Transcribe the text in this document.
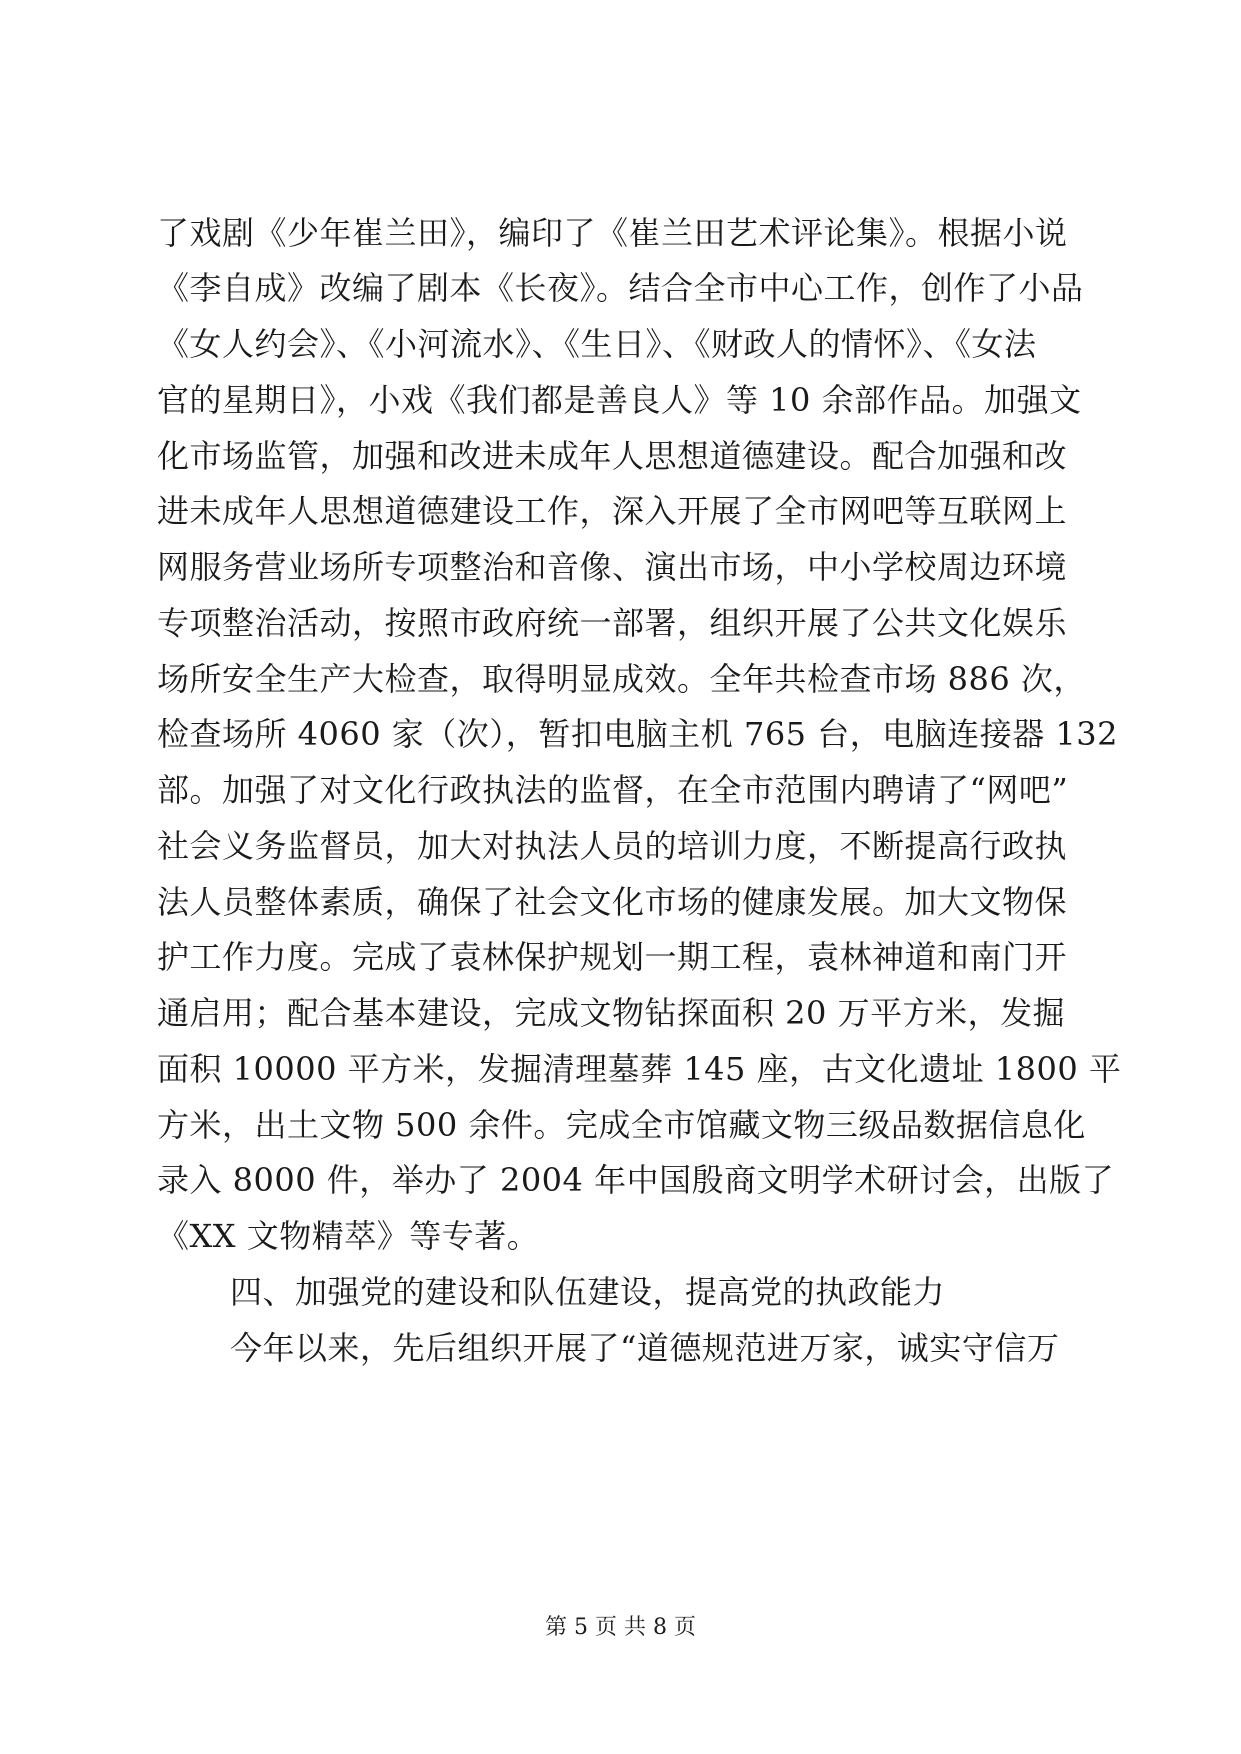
了戏剧《少年崔兰田》，编印了《崔兰田艺术评论集》。根据小说
《李自成》改编了剧本《长夜》。结合全市中心工作，创作了小品
《女人约会》、《小河流水》、《生日》、《财政人的情怀》、《女法
官的星期日》，小戏《我们都是善良人》等 10 余部作品。加强文
化市场监管，加强和改进未成年人思想道德建设。配合加强和改
进未成年人思想道德建设工作，深入开展了全市网吧等互联网上
网服务营业场所专项整治和音像、演出市场，中小学校周边环境
专项整治活动，按照市政府统一部署，组织开展了公共文化娱乐
场所安全生产大检查，取得明显成效。全年共检查市场 886 次，
检查场所 4060 家（次），暂扣电脑主机 765 台，电脑连接器 132
部。加强了对文化行政执法的监督，在全市范围内聘请了“网吧”
社会义务监督员，加大对执法人员的培训力度，不断提高行政执
法人员整体素质，确保了社会文化市场的健康发展。加大文物保
护工作力度。完成了袁林保护规划一期工程，袁林神道和南门开
通启用；配合基本建设，完成文物钻探面积 20 万平方米，发掘
面积 10000 平方米，发掘清理墓葬 145 座，古文化遗址 1800 平
方米，出土文物 500 余件。完成全市馆藏文物三级品数据信息化
录入 8000 件，举办了 2004 年中国殷商文明学术研讨会，出版了
《XX 文物精萃》等专著。
四、加强党的建设和队伍建设，提高党的执政能力
今年以来，先后组织开展了“道德规范进万家，诚实守信万
第 5 页 共 8 页
